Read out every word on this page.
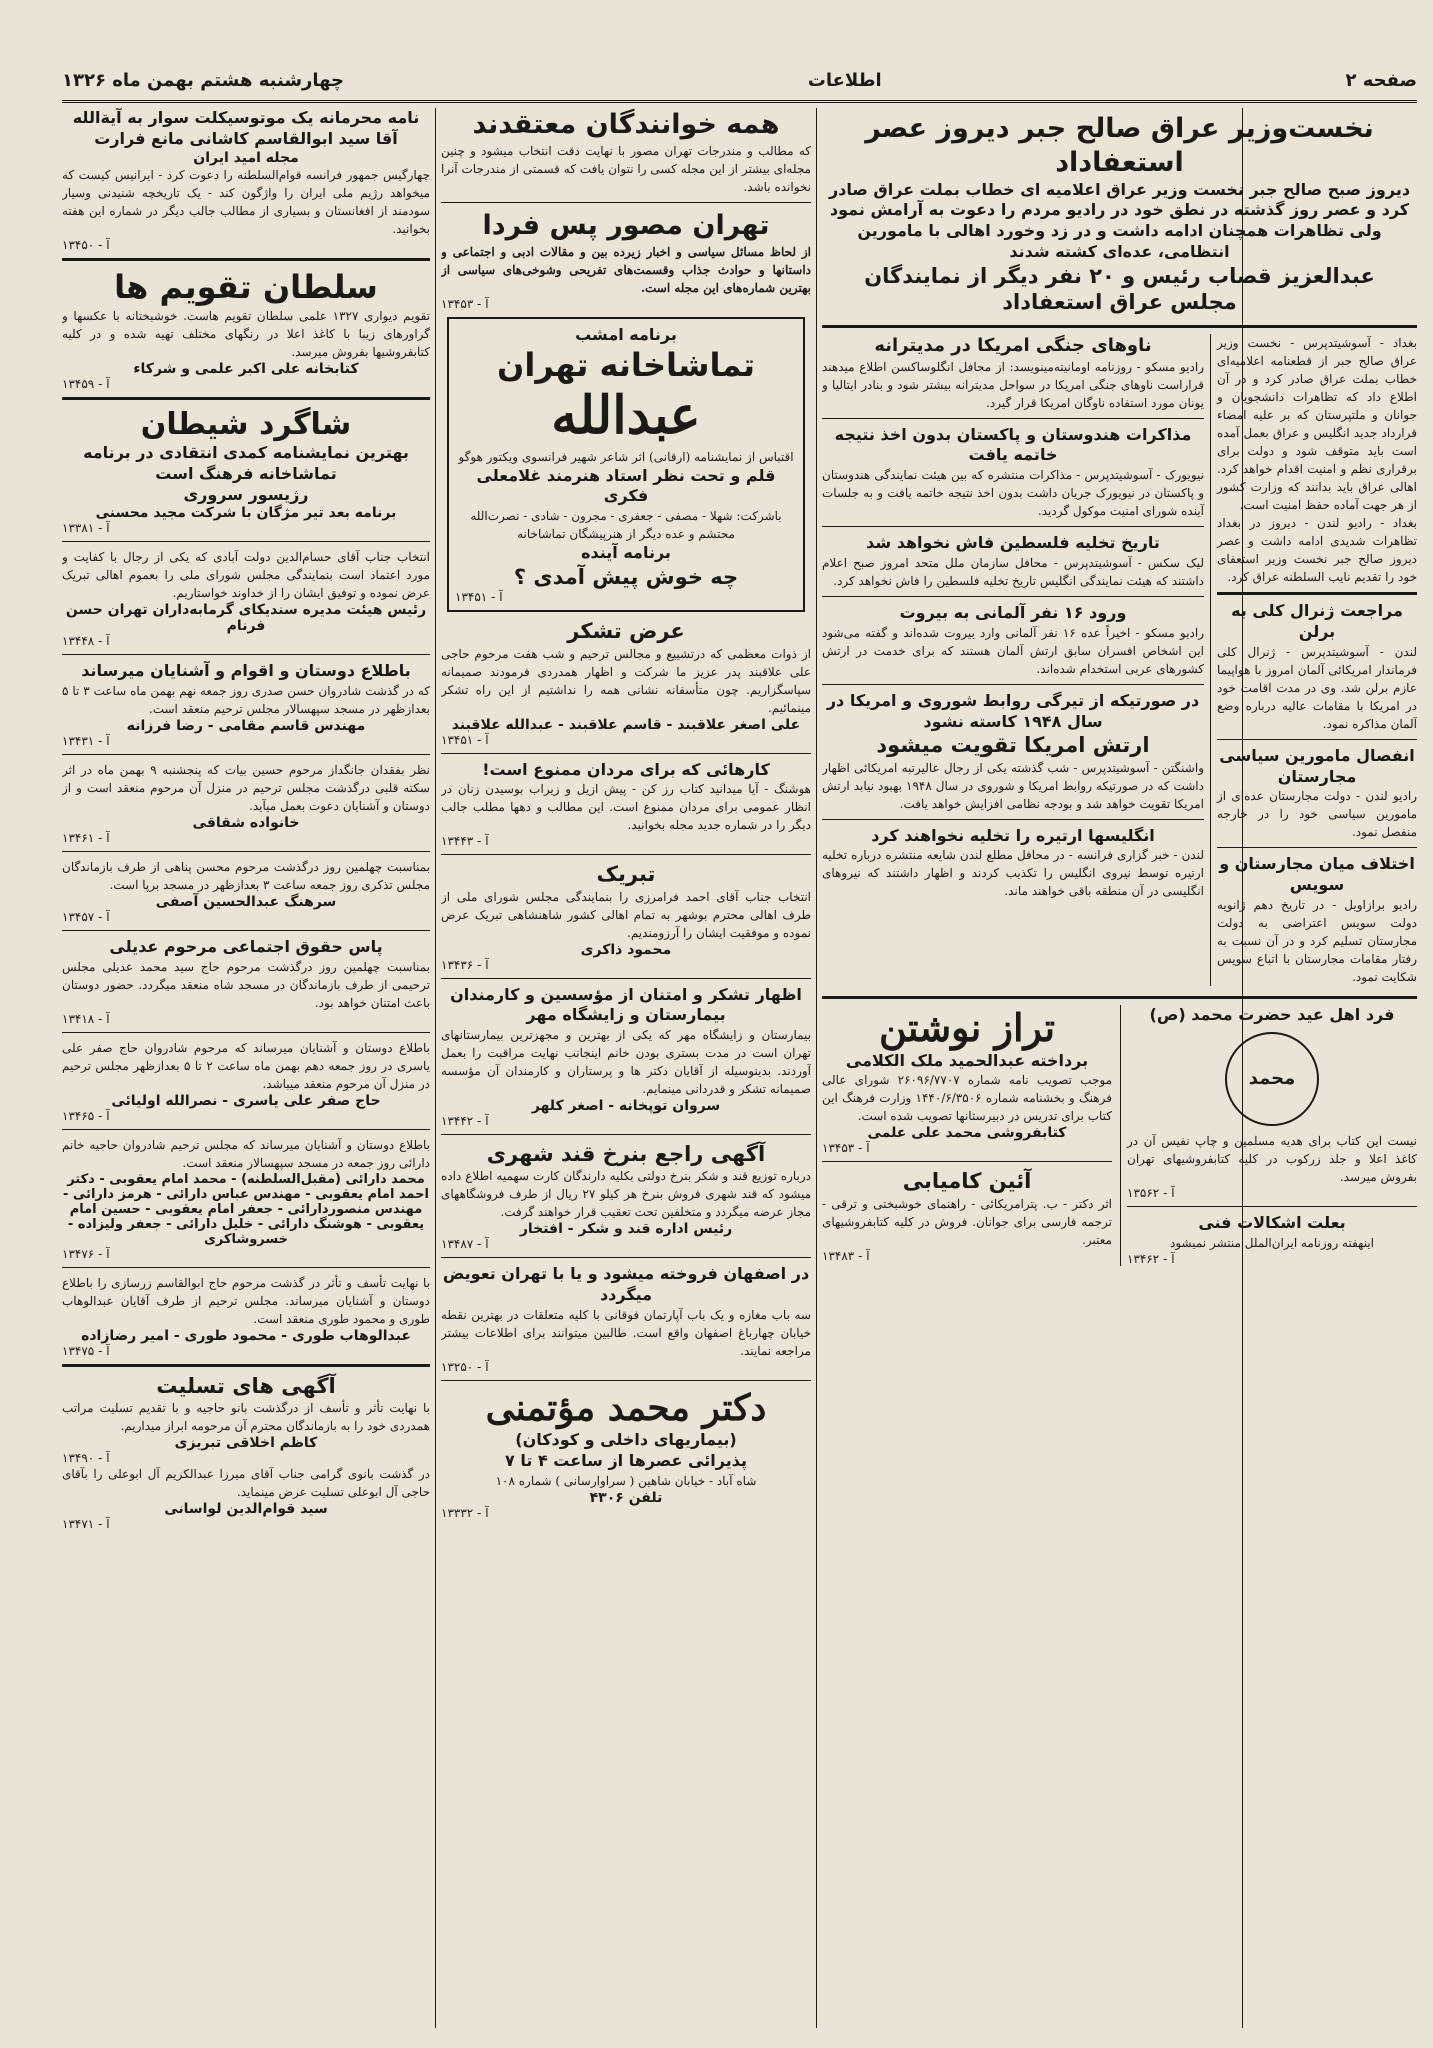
صفحه ۲
اطلاعات
چهارشنبه هشتم بهمن ماه ۱۳۲۶
نخست‌وزیر عراق صالح جبر دیروز عصر استعفاداد
دیروز صبح صالح جبر نخست وزیر عراق اعلامیه ای خطاب بملت عراق صادر کرد و عصر روز گذشته در نطق خود در رادیو مردم را دعوت به آرامش نمود ولی تظاهرات همچنان ادامه داشت و در زد وخورد اهالی با مامورین انتظامی، عده‌ای کشته شدند
عبدالعزیز قصاب رئیس و ۲۰ نفر دیگر از نمایندگان مجلس عراق استعفاداد
بغداد - آسوشیتدپرس - نخست وزیر عراق صالح جبر از قطعنامه اعلامیه‌ای خطاب بملت عراق صادر کرد و در آن اطلاع داد که تظاهرات دانشجویان و جوانان و ملتپرستان که بر علیه امضاء قرارداد جدید انگلیس و عراق بعمل آمده است باید متوقف شود و دولت برای برقراری نظم و امنیت اقدام خواهد کرد. اهالی عراق باید بدانند که وزارت کشور از هر جهت آماده حفظ امنیت است.
بغداد - رادیو لندن - دیروز در بغداد تظاهرات شدیدی ادامه داشت و عصر دیروز صالح جبر نخست وزیر استعفای خود را تقدیم نایب السلطنه عراق کرد.
مراجعت ژنرال کلی به برلن
لندن - آسوشیتدپرس - ژنرال کلی فرماندار امریکائی آلمان امروز با هواپیما عازم برلن شد. وی در مدت اقامت خود در امریکا با مقامات عالیه درباره وضع آلمان مذاکره نمود.
انفصال مامورین سیاسی مجارستان
رادیو لندن - دولت مجارستان عده‌ای از مامورین سیاسی خود را در خارجه منفصل نمود.
اختلاف میان مجارستان و سویس
رادیو برازاویل - در تاریخ دهم ژانویه دولت سویس اعتراضی به دولت مجارستان تسلیم کرد و در آن نسبت به رفتار مقامات مجارستان با اتباع سویس شکایت نمود.
ناوهای جنگی امریکا در مدیترانه
رادیو مسکو - روزنامه اومانیته‌مینویسد: از محافل انگلوساکسن اطلاع میدهند قراراست ناوهای جنگی امریکا در سواحل مدیترانه بیشتر شود و بنادر ایتالیا و یونان مورد استفاده ناوگان امریکا قرار گیرد.
مذاکرات هندوستان و پاکستان بدون اخذ نتیجه خاتمه یافت
نیویورک - آسوشیتدپرس - مذاکرات منتشره که بین هیئت نمایندگی هندوستان و پاکستان در نیویورک جریان داشت بدون اخذ نتیجه خاتمه یافت و به جلسات آینده شورای امنیت موکول گردید.
تاریخ تخلیه فلسطین فاش نخواهد شد
لیک سکس - آسوشیتدپرس - محافل سازمان ملل متحد امروز صبح اعلام داشتند که هیئت نمایندگی انگلیس تاریخ تخلیه فلسطین را فاش نخواهد کرد.
ورود ۱۶ نفر آلمانی به بیروت
رادیو مسکو - اخیراً عده ۱۶ نفر آلمانی وارد بیروت شده‌اند و گفته می‌شود این اشخاص افسران سابق ارتش آلمان هستند که برای خدمت در ارتش کشورهای عربی استخدام شده‌اند.
در صورتیکه از تیرگی روابط شوروی و امریکا در سال ۱۹۴۸ کاسته نشود
ارتش امریکا تقویت میشود
واشنگتن - آسوشیتدپرس - شب گذشته یکی از رجال عالیرتبه امریکائی اظهار داشت که در صورتیکه روابط امریکا و شوروی در سال ۱۹۴۸ بهبود نیابد ارتش امریکا تقویت خواهد شد و بودجه نظامی افزایش خواهد یافت.
انگلیسها ارتیره را تخلیه نخواهند کرد
لندن - خبر گزاری فرانسه - در محافل مطلع لندن شایعه منتشره درباره تخلیه ارتیره توسط نیروی انگلیس را تکذیب کردند و اظهار داشتند که نیروهای انگلیسی در آن منطقه باقی خواهند ماند.
فرد اهل عید حضرت محمد (ص)
محمد
نیست این کتاب برای هدیه مسلمین و چاپ نفیس آن در کاغذ اعلا و جلد زرکوب در کلیه کتابفروشیهای تهران بفروش میرسد.
آ - ۱۳۵۶۲
بعلت اشکالات فنی
اینهفته روزنامه ایران‌الملل منتشر نمیشود
آ - ۱۳۴۶۲
تراز نوشتن
برداخته عبدالحمید ملک الکلامی
موجب تصویب نامه شماره ۲۶۰۹۶/۷۷۰۷ شورای عالی فرهنگ و بخشنامه شماره ۱۴۴۰/۶/۳۵۰۶ وزارت فرهنگ این کتاب برای تدریس در دبیرستانها تصویب شده است.
کتابفروشی محمد علی علمی
آ - ۱۳۴۵۳
آئین کامیابی
اثر دکتر - ب. پترامریکائی - راهنمای خوشبختی و ترقی - ترجمه فارسی برای جوانان. فروش در کلیه کتابفروشیهای معتبر.
آ - ۱۳۴۸۳
همه خوانندگان معتقدند
که مطالب و مندرجات تهران مصور با نهایت دقت انتخاب میشود و چنین مجله‌ای بیشتر از این مجله کسی را نتوان یافت که قسمتی از مندرجات آنرا نخوانده باشد.
تهران مصور پس فردا
از لحاظ مسائل سیاسی و اخبار زیرده بین و مقالات ادبی و اجتماعی و داستانها و حوادث جذاب وقسمت‌های تفریحی وشوخی‌های سیاسی از بهترین شماره‌های این مجله است.
آ - ۱۳۴۵۳
برنامه امشب
تماشاخانه تهران
عبدالله
اقتباس از نمایشنامه (ارقانی) اثر شاعر شهیر فرانسوی ویکتور هوگو
قلم و تحت نظر استاد هنرمند غلامعلی فکری
باشرکت: شهلا - مصفی - جعفری - مجرون - شادی - نصرت‌الله محتشم و عده دیگر از هنرپیشگان تماشاخانه
برنامه آینده
چه خوش پیش آمدی ؟
آ - ۱۳۴۵۱
عرض تشکر
از ذوات معظمی که درتشییع و مجالس ترحیم و شب هفت مرحوم حاجی علی علاقبند پدر عزیز ما شرکت و اظهار همدردی فرمودند صمیمانه سپاسگزاریم. چون متأسفانه نشانی همه را نداشتیم از این راه تشکر مینمائیم.
علی اصغر علاقبند - قاسم علاقبند - عبدالله علاقبند
آ - ۱۳۴۵۱
کارهائی که برای مردان ممنوع است!
هوشنگ - آیا میدانید کتاب رز کن - پیش ازیل و زیراب بوسیدن زنان در انظار عمومی برای مردان ممنوع است. این مطالب و دهها مطلب جالب دیگر را در شماره جدید مجله بخوانید.
آ - ۱۳۴۴۳
تبریک
انتخاب جناب آقای احمد فرامرزی را بنمایندگی مجلس شورای ملی از طرف اهالی محترم بوشهر به تمام اهالی کشور شاهنشاهی تبریک عرض نموده و موفقیت ایشان را آرزومندیم.
محمود ذاکری
آ - ۱۳۴۳۶
اظهار تشکر و امتنان از مؤسسین و کارمندان بیمارستان و زایشگاه مهر
بیمارستان و زایشگاه مهر که یکی از بهترین و مجهزترین بیمارستانهای تهران است در مدت بستری بودن خانم اینجانب نهایت مراقبت را بعمل آوردند. بدینوسیله از آقایان دکتر ها و پرستاران و کارمندان آن مؤسسه صمیمانه تشکر و قدردانی مینمایم.
سروان توپخانه - اصغر کلهر
آ - ۱۳۴۴۲
آگهی راجع بنرخ قند شهری
درباره توزیع قند و شکر بنرخ دولتی بکلیه دارندگان کارت سهمیه اطلاع داده میشود که قند شهری فروش بنرخ هر کیلو ۲۷ ریال از طرف فروشگاههای مجاز عرضه میگردد و متخلفین تحت تعقیب قرار خواهند گرفت.
رئیس اداره قند و شکر - افتخار
آ - ۱۳۴۸۷
در اصفهان فروخته میشود و یا با تهران تعویض میگردد
سه باب مغازه و یک باب آپارتمان فوقانی با کلیه متعلقات در بهترین نقطه خیابان چهارباغ اصفهان واقع است. طالبین میتوانند برای اطلاعات بیشتر مراجعه نمایند.
آ - ۱۳۲۵۰
دکتر محمد مؤتمنی
(بیماریهای داخلی و کودکان)
پذیرائی عصرها از ساعت ۴ تا ۷
شاه آباد - خیابان شاهین ( سراوارسانی ) شماره ۱۰۸
تلفن ۴۳۰۶
آ - ۱۳۳۳۲
نامه محرمانه یک موتوسیکلت سوار به آیة‌الله آقا سید ابوالقاسم کاشانی مانع فرارت
مجله امید ایران
چهارگیس جمهور فرانسه قوام‌السلطنه را دعوت کرد - ایرانیس کیست که میخواهد رژیم ملی ایران را واژگون کند - یک تاریخچه شنیدنی وسیار سودمند از افغانستان و بسیاری از مطالب جالب دیگر در شماره این هفته بخوانید.
آ - ۱۳۴۵۰
سلطان تقویم ها
تقویم دیواری ۱۳۲۷ علمی سلطان تقویم هاست. خوشبختانه با عکسها و گراورهای زیبا با کاغذ اعلا در رنگهای مختلف تهیه شده و در کلیه کتابفروشیها بفروش میرسد.
کتابخانه علی اکبر علمی و شرکاء
آ - ۱۳۴۵۹
شاگرد شیطان
بهترین نمایشنامه کمدی انتقادی در برنامه تماشاخانه فرهنگ است
رژیسور سروری
برنامه بعد تیر مژگان با شرکت مجید محسنی
آ - ۱۳۳۸۱
انتخاب جناب آقای حسام‌الدین دولت آبادی که یکی از رجال با کفایت و مورد اعتماد است بنمایندگی مجلس شورای ملی را بعموم اهالی تبریک عرض نموده و توفیق ایشان را از خداوند خواستاریم.
رئیس هیئت مدیره سندیکای گرمابه‌داران تهران حسن فرنام
آ - ۱۳۴۴۸
باطلاع دوستان و اقوام و آشنایان میرساند
که در گذشت شادروان حسن صدری روز جمعه نهم بهمن ماه ساعت ۳ تا ۵ بعدازظهر در مسجد سپهسالار مجلس ترحیم منعقد است.
مهندس قاسم مقامی - رضا فرزانه
آ - ۱۳۴۳۱
نظر بفقدان جانگداز مرحوم حسین بیات که پنجشنبه ۹ بهمن ماه در اثر سکته قلبی درگذشت مجلس ترحیم در منزل آن مرحوم منعقد است و از دوستان و آشنایان دعوت بعمل میآید.
خانواده شقاقی
آ - ۱۳۴۶۱
بمناسبت چهلمین روز درگذشت مرحوم محسن پناهی از طرف بازماندگان مجلس تذکری روز جمعه ساعت ۳ بعدازظهر در مسجد برپا است.
سرهنگ عبدالحسین آصفی
آ - ۱۳۴۵۷
پاس حقوق اجتماعی مرحوم عدیلی
بمناسبت چهلمین روز درگذشت مرحوم حاج سید محمد عدیلی مجلس ترحیمی از طرف بازماندگان در مسجد شاه منعقد میگردد. حضور دوستان باعث امتنان خواهد بود.
آ - ۱۳۴۱۸
باطلاع دوستان و آشنایان میرساند که مرحوم شادروان حاج صفر علی یاسری در روز جمعه دهم بهمن ماه ساعت ۲ تا ۵ بعدازظهر مجلس ترحیم در منزل آن مرحوم منعقد میباشد.
حاج صفر علی یاسری - نصرالله اولیائی
آ - ۱۳۴۶۵
باطلاع دوستان و آشنایان میرساند که مجلس ترحیم شادروان حاجیه خانم دارائی روز جمعه در مسجد سپهسالار منعقد است.
محمد دارائی (مقبل‌السلطنه) - محمد امام یعقوبی - دکتر احمد امام یعقوبی - مهندس عباس دارائی - هرمز دارائی - مهندس منصوردارائی - جعفر امام یعقوبی - حسین امام یعقوبی - هوشنگ دارائی - خلیل دارائی - جعفر ولیزاده - خسروشاکری
آ - ۱۳۴۷۶
با نهایت تأسف و تأثر در گذشت مرحوم حاج ابوالقاسم زرسازی را باطلاع دوستان و آشنایان میرساند. مجلس ترحیم از طرف آقایان عبدالوهاب طوری و محمود طوری منعقد است.
عبدالوهاب طوری - محمود طوری - امیر رضازاده
آ - ۱۳۴۷۵
آگهی های تسلیت
با نهایت تأثر و تأسف از درگذشت بانو حاجیه و با تقدیم تسلیت مراتب همدردی خود را به بازماندگان محترم آن مرحومه ابراز میداریم.
کاظم اخلاقی تبریزی
آ - ۱۳۴۹۰
در گذشت بانوی گرامی جناب آقای میرزا عبدالکریم آل ابوعلی را بآقای حاجی آل ابوعلی تسلیت عرض مینماید.
سید قوام‌الدین لواسانی
آ - ۱۳۴۷۱
